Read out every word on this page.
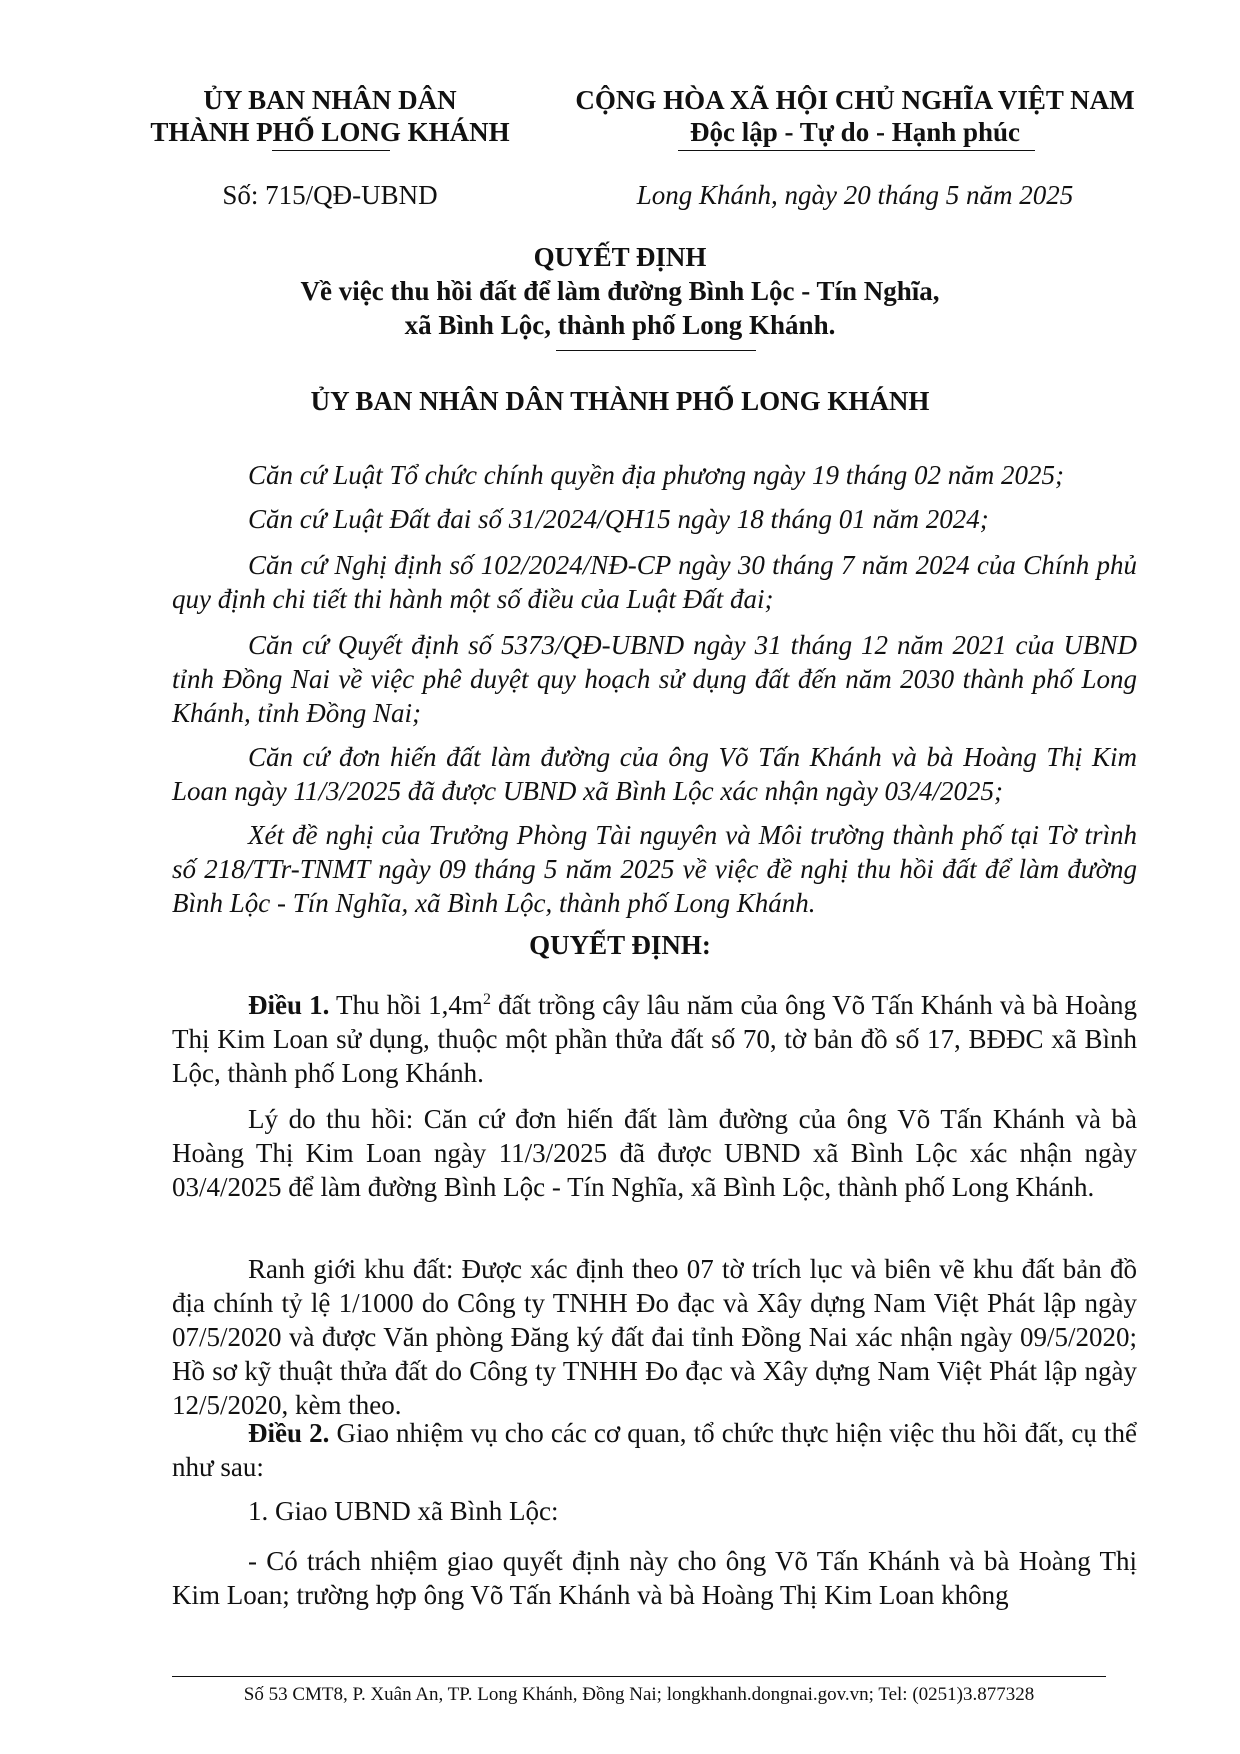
ỦY BAN NHÂN DÂN
THÀNH PHỐ LONG KHÁNH
CỘNG HÒA XÃ HỘI CHỦ NGHĨA VIỆT NAM
Độc lập - Tự do - Hạnh phúc
Số: 715/QĐ-UBND	Long Khánh, ngày 20 tháng 5 năm 2025
QUYẾT ĐỊNH
Về việc thu hồi đất để làm đường Bình Lộc - Tín Nghĩa,
xã Bình Lộc, thành phố Long Khánh.
ỦY BAN NHÂN DÂN THÀNH PHỐ LONG KHÁNH
Căn cứ Luật Tổ chức chính quyền địa phương ngày 19 tháng 02 năm 2025;
Căn cứ Luật Đất đai số 31/2024/QH15 ngày 18 tháng 01 năm 2024;
Căn cứ Nghị định số 102/2024/NĐ-CP ngày 30 tháng 7 năm 2024 của Chính phủ quy định chi tiết thi hành một số điều của Luật Đất đai;
Căn cứ Quyết định số 5373/QĐ-UBND ngày 31 tháng 12 năm 2021 của UBND tỉnh Đồng Nai về việc phê duyệt quy hoạch sử dụng đất đến năm 2030 thành phố Long Khánh, tỉnh Đồng Nai;
Căn cứ đơn hiến đất làm đường của ông Võ Tấn Khánh và bà Hoàng Thị Kim Loan ngày 11/3/2025 đã được UBND xã Bình Lộc xác nhận ngày 03/4/2025;
Xét đề nghị của Trưởng Phòng Tài nguyên và Môi trường thành phố tại Tờ trình số 218/TTr-TNMT ngày 09 tháng 5 năm 2025 về việc đề nghị thu hồi đất để làm đường Bình Lộc - Tín Nghĩa, xã Bình Lộc, thành phố Long Khánh.
QUYẾT ĐỊNH:
Điều 1. Thu hồi $1,4m^2$ đất trồng cây lâu năm của ông Võ Tấn Khánh và bà Hoàng Thị Kim Loan sử dụng, thuộc một phần thửa đất số 70, tờ bản đồ số 17, BĐĐC xã Bình Lộc, thành phố Long Khánh.
Lý do thu hồi: Căn cứ đơn hiến đất làm đường của ông Võ Tấn Khánh và bà Hoàng Thị Kim Loan ngày 11/3/2025 đã được UBND xã Bình Lộc xác nhận ngày 03/4/2025 để làm đường Bình Lộc - Tín Nghĩa, xã Bình Lộc, thành phố Long Khánh.
Ranh giới khu đất: Được xác định theo 07 tờ trích lục và biên vẽ khu đất bản đồ địa chính tỷ lệ 1/1000 do Công ty TNHH Đo đạc và Xây dựng Nam Việt Phát lập ngày 07/5/2020 và được Văn phòng Đăng ký đất đai tỉnh Đồng Nai xác nhận ngày 09/5/2020; Hồ sơ kỹ thuật thửa đất do Công ty TNHH Đo đạc và Xây dựng Nam Việt Phát lập ngày 12/5/2020, kèm theo.
Điều 2. Giao nhiệm vụ cho các cơ quan, tổ chức thực hiện việc thu hồi đất, cụ thể như sau:
1. Giao UBND xã Bình Lộc:
- Có trách nhiệm giao quyết định này cho ông Võ Tấn Khánh và bà Hoàng Thị Kim Loan; trường hợp ông Võ Tấn Khánh và bà Hoàng Thị Kim Loan không
Số 53 CMT8, P. Xuân An, TP. Long Khánh, Đồng Nai; longkhanh.dongnai.gov.vn; Tel: (0251)3.877328
